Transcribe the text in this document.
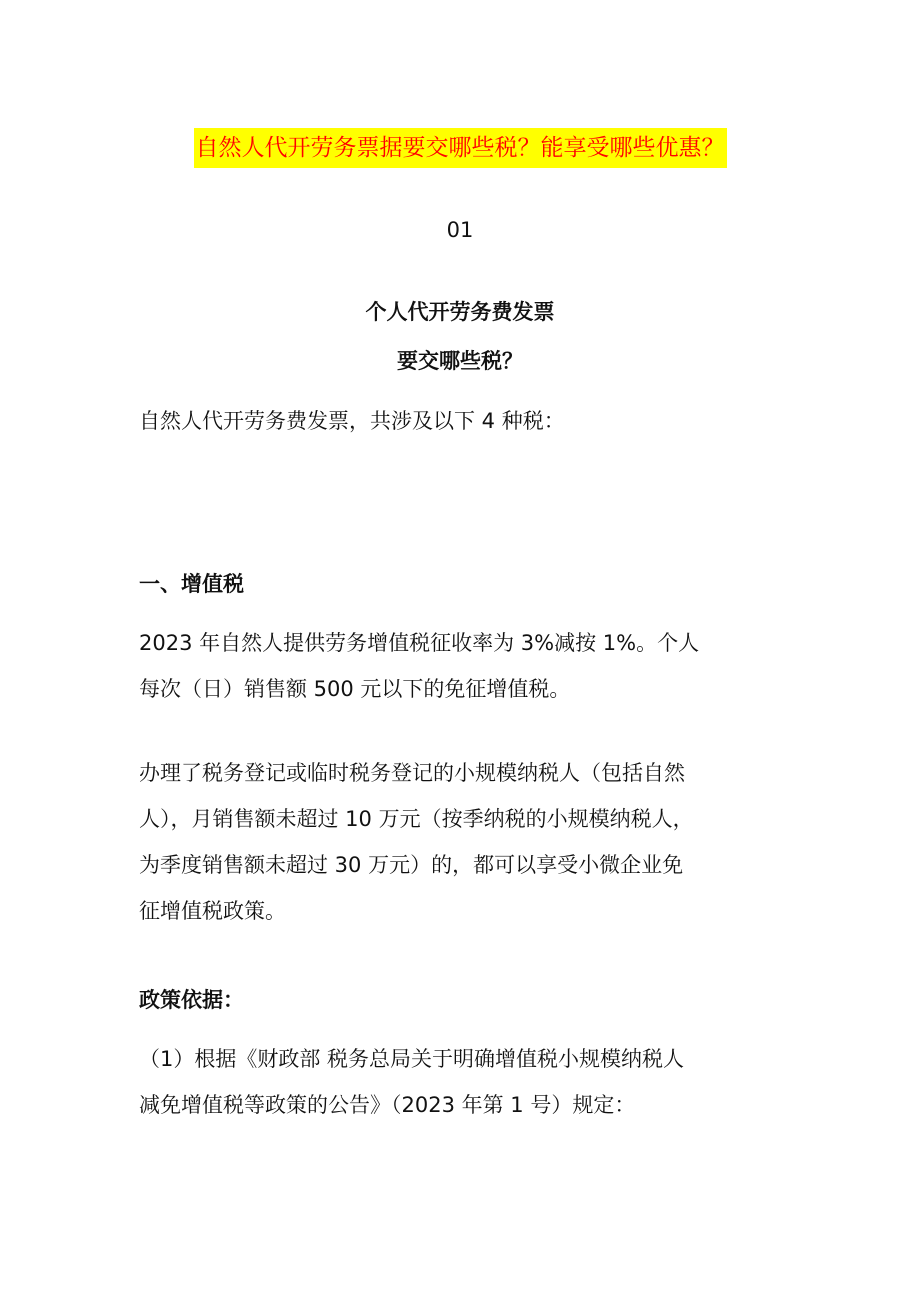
自然人代开劳务票据要交哪些税？能享受哪些优惠？
01
个人代开劳务费发票
要交哪些税？
自然人代开劳务费发票，共涉及以下 4 种税：
一、增值税
2023 年自然人提供劳务增值税征收率为 3%减按 1%。个人
每次（日）销售额 500 元以下的免征增值税。
办理了税务登记或临时税务登记的小规模纳税人（包括自然
人），月销售额未超过 10 万元（按季纳税的小规模纳税人，
为季度销售额未超过 30 万元）的，都可以享受小微企业免
征增值税政策。
政策依据：
（1）根据《财政部 税务总局关于明确增值税小规模纳税人
减免增值税等政策的公告》（2023 年第 1 号）规定：
